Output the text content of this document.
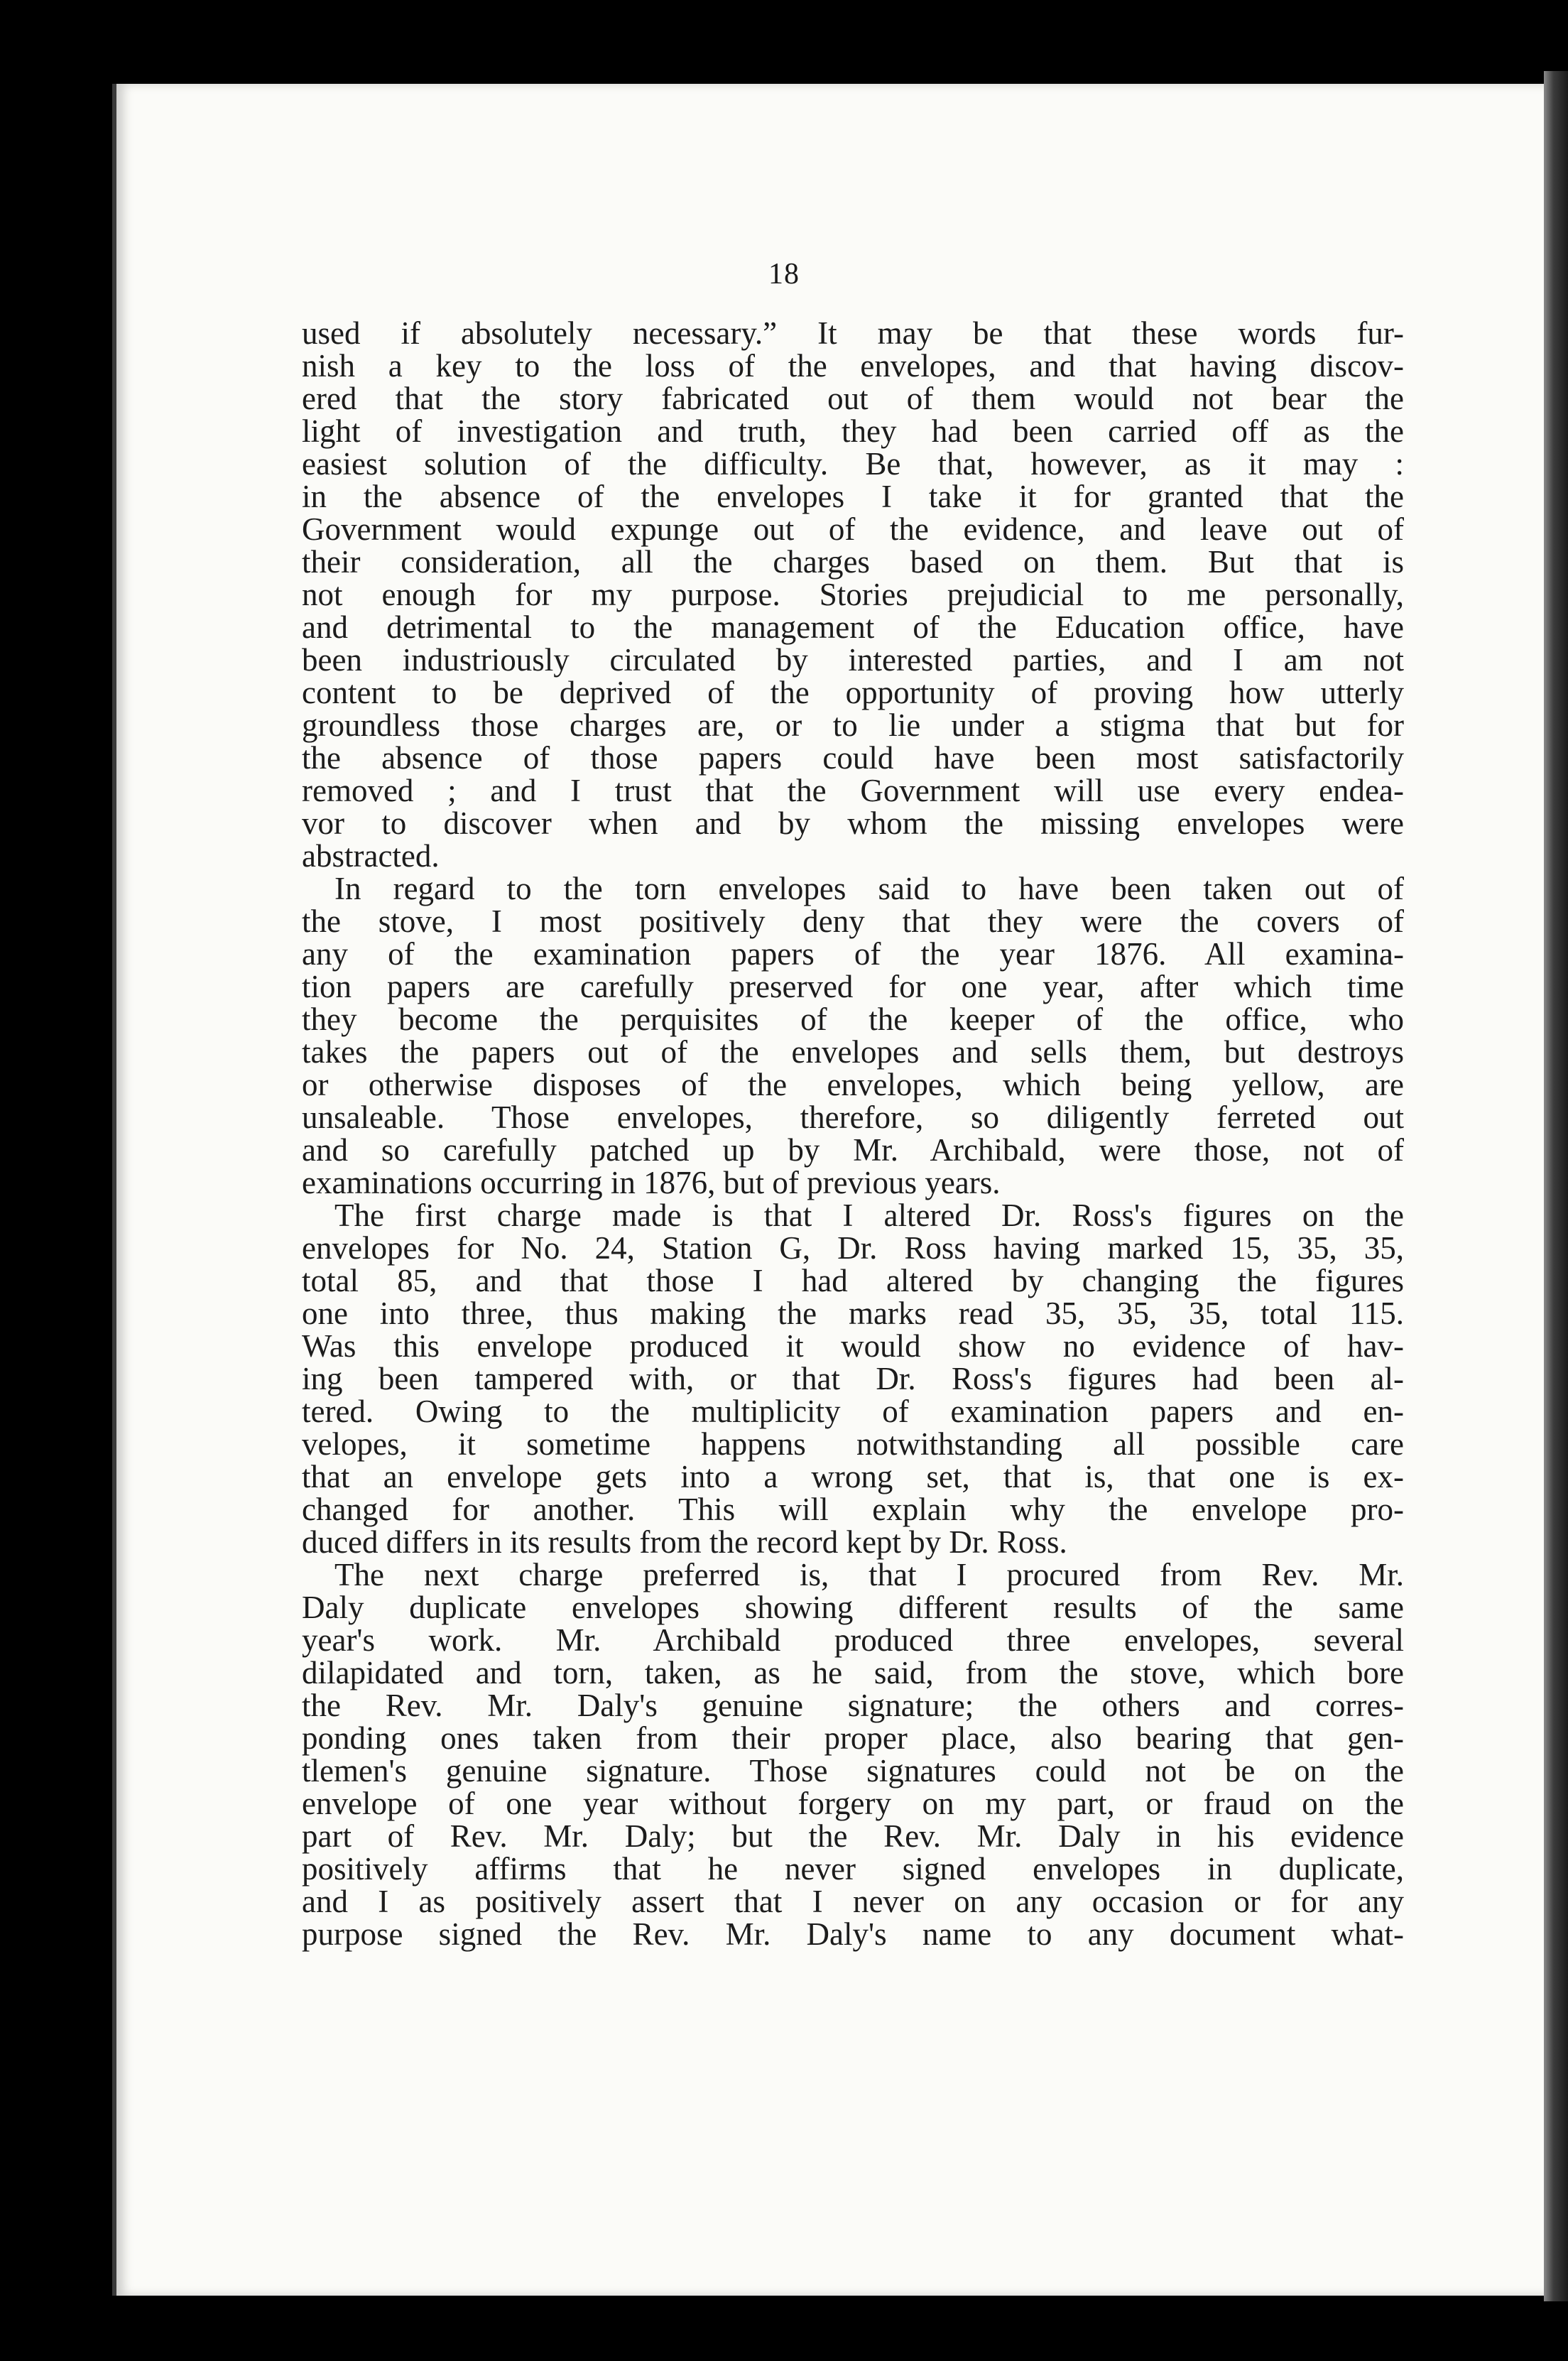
18
used if absolutely necessary.” It may be that these words fur-
nish a key to the loss of the envelopes, and that having discov-
ered that the story fabricated out of them would not bear the
light of investigation and truth, they had been carried off as the
easiest solution of the difficulty. Be that, however, as it may :
in the absence of the envelopes I take it for granted that the
Government would expunge out of the evidence, and leave out of
their consideration, all the charges based on them. But that is
not enough for my purpose. Stories prejudicial to me personally,
and detrimental to the management of the Education office, have
been industriously circulated by interested parties, and I am not
content to be deprived of the opportunity of proving how utterly
groundless those charges are, or to lie under a stigma that but for
the absence of those papers could have been most satisfactorily
removed ; and I trust that the Government will use every endea-
vor to discover when and by whom the missing envelopes were
abstracted.
In regard to the torn envelopes said to have been taken out of
the stove, I most positively deny that they were the covers of
any of the examination papers of the year 1876. All examina-
tion papers are carefully preserved for one year, after which time
they become the perquisites of the keeper of the office, who
takes the papers out of the envelopes and sells them, but destroys
or otherwise disposes of the envelopes, which being yellow, are
unsaleable. Those envelopes, therefore, so diligently ferreted out
and so carefully patched up by Mr. Archibald, were those, not of
examinations occurring in 1876, but of previous years.
The first charge made is that I altered Dr. Ross's figures on the
envelopes for No. 24, Station G, Dr. Ross having marked 15, 35, 35,
total 85, and that those I had altered by changing the figures
one into three, thus making the marks read 35, 35, 35, total 115.
Was this envelope produced it would show no evidence of hav-
ing been tampered with, or that Dr. Ross's figures had been al-
tered. Owing to the multiplicity of examination papers and en-
velopes, it sometime happens notwithstanding all possible care
that an envelope gets into a wrong set, that is, that one is ex-
changed for another. This will explain why the envelope pro-
duced differs in its results from the record kept by Dr. Ross.
The next charge preferred is, that I procured from Rev. Mr.
Daly duplicate envelopes showing different results of the same
year's work. Mr. Archibald produced three envelopes, several
dilapidated and torn, taken, as he said, from the stove, which bore
the Rev. Mr. Daly's genuine signature; the others and corres-
ponding ones taken from their proper place, also bearing that gen-
tlemen's genuine signature. Those signatures could not be on the
envelope of one year without forgery on my part, or fraud on the
part of Rev. Mr. Daly; but the Rev. Mr. Daly in his evidence
positively affirms that he never signed envelopes in duplicate,
and I as positively assert that I never on any occasion or for any
purpose signed the Rev. Mr. Daly's name to any document what-
